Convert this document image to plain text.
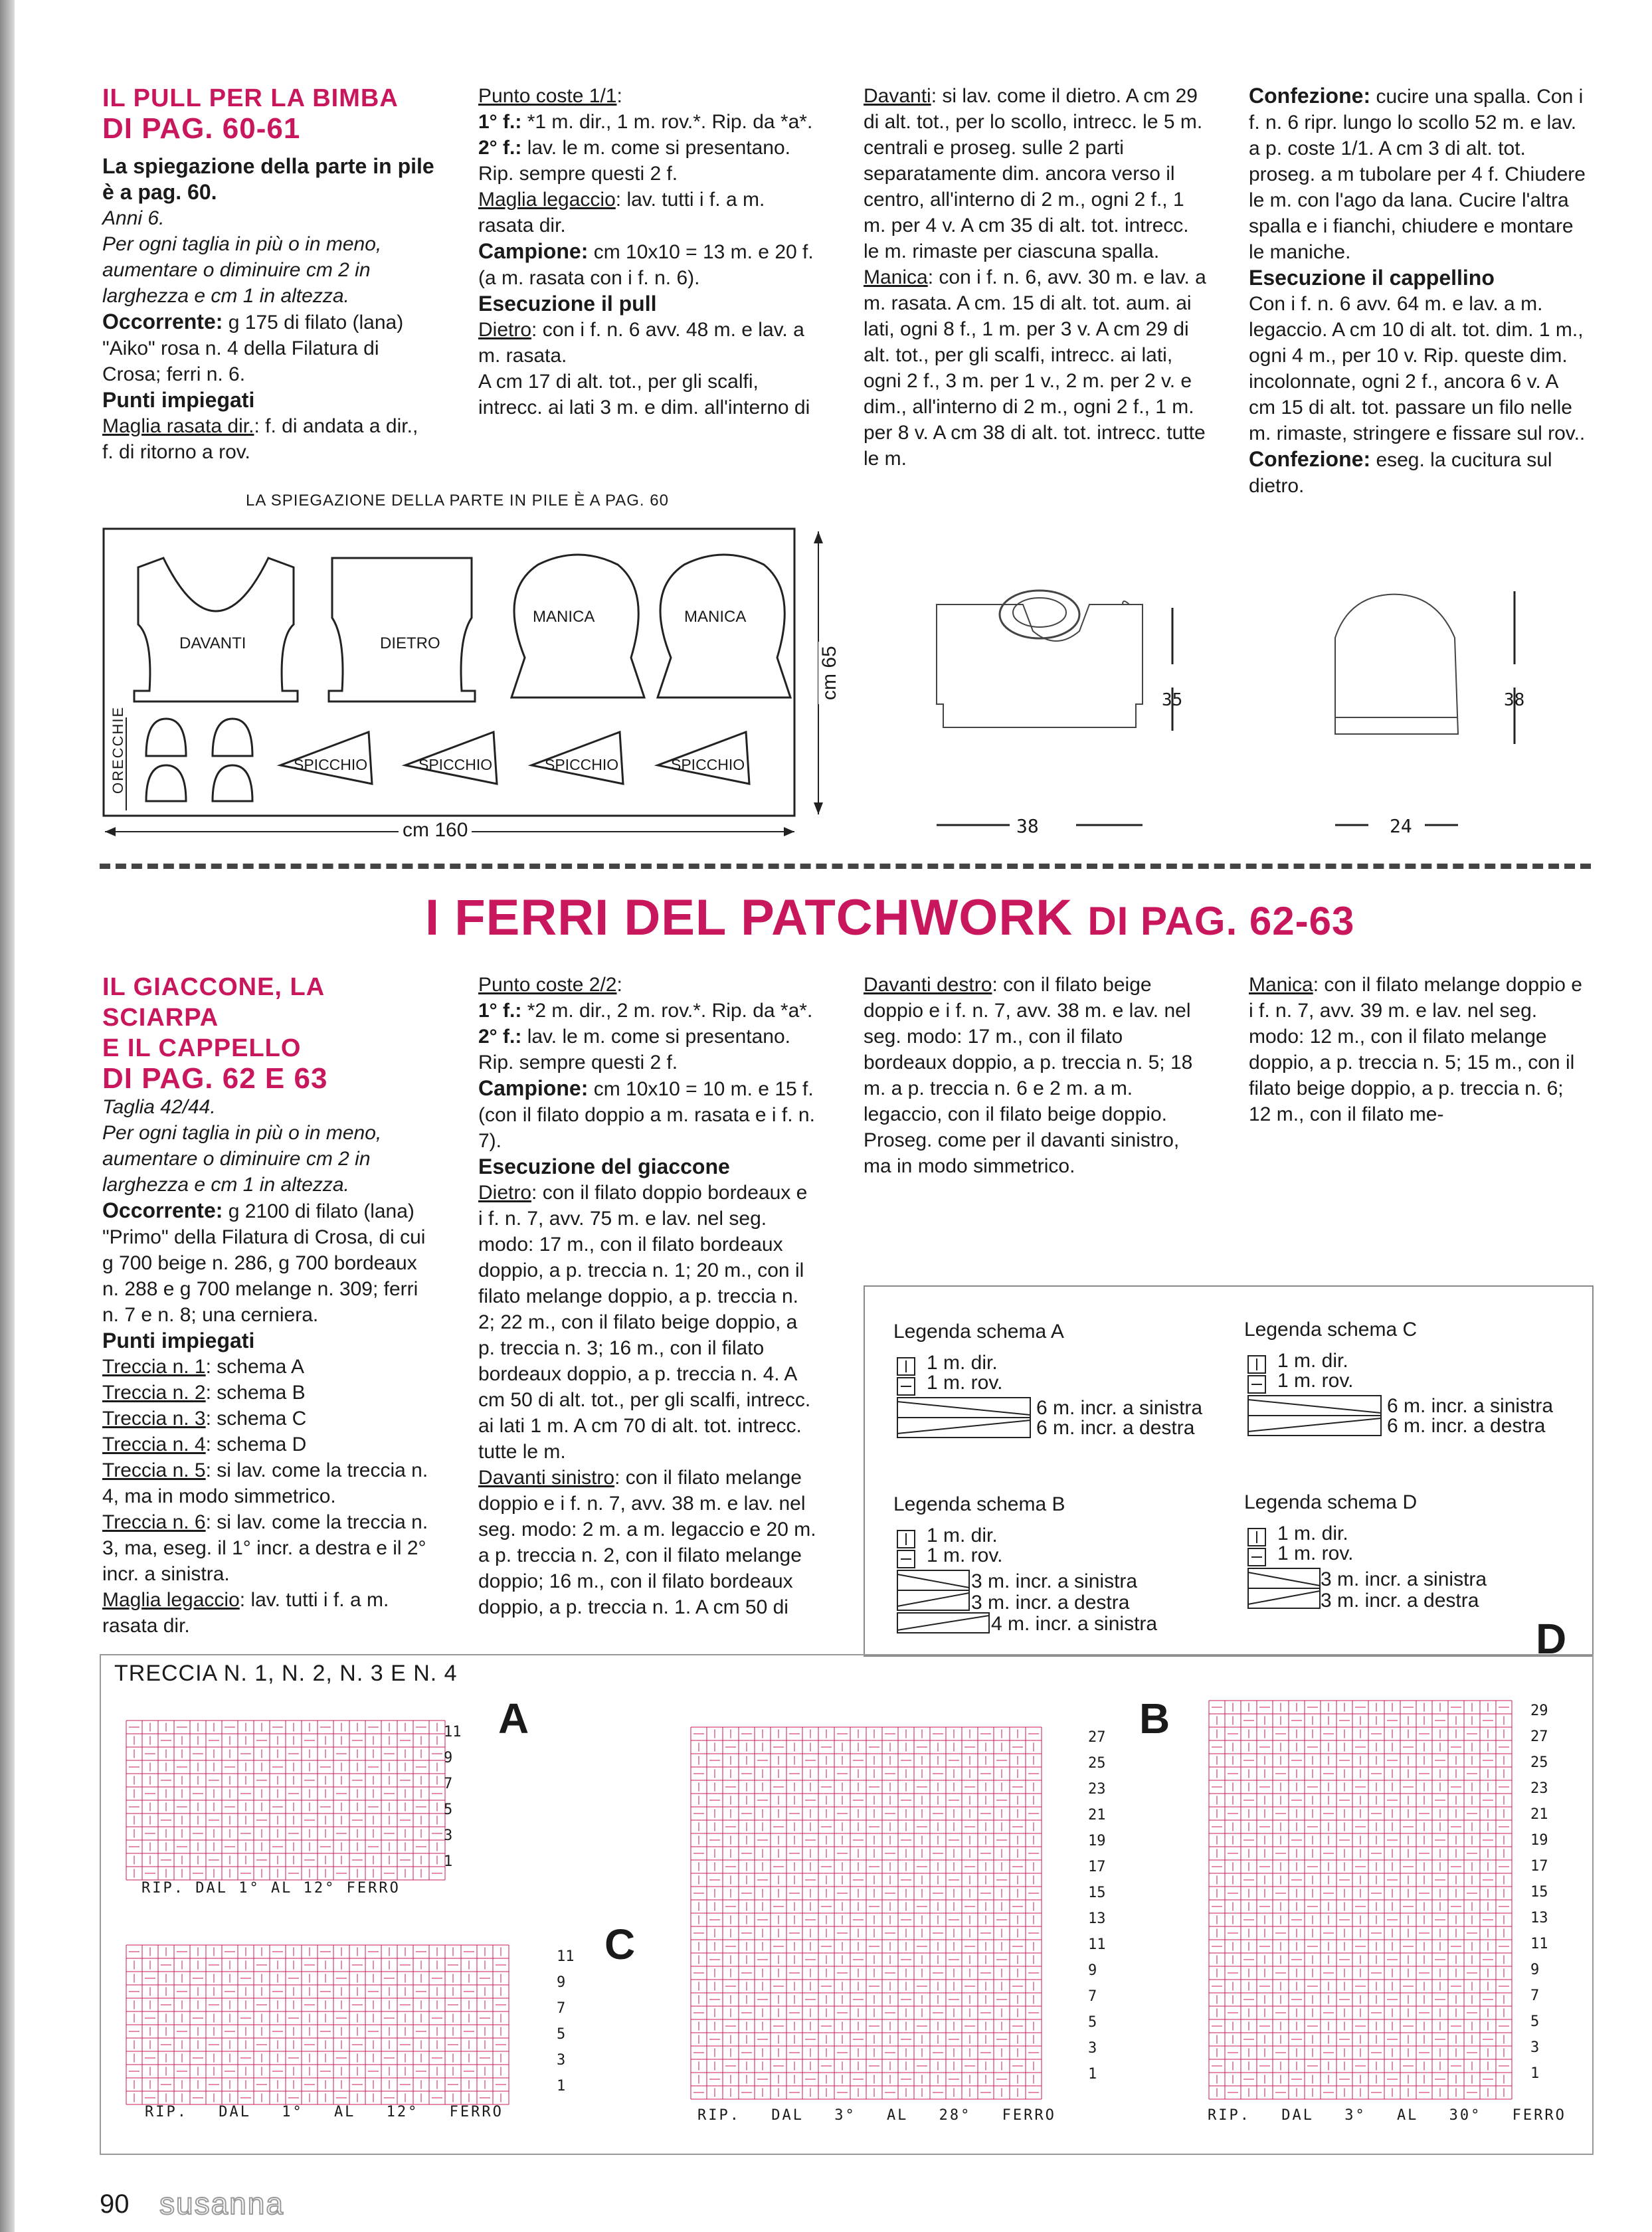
IL PULL PER LA BIMBA
DI PAG. 60-61

La spiegazione della parte in pile è a pag. 60.

Anni 6.

Per ogni taglia in più o in meno, aumentare o diminuire cm 2 in larghezza e cm 1 in altezza.

Occorrente: g 175 di filato (lana) "Aiko" rosa n. 4 della Filatura di Crosa; ferri n. 6.

Punti impiegati

Maglia rasata dir.: f. di andata a dir., f. di ritorno a rov.

Punto coste 1/1:

1° f.: *1 m. dir., 1 m. rov.*. Rip. da *a*.

2° f.: lav. le m. come si presentano. Rip. sempre questi 2 f.

Maglia legaccio: lav. tutti i f. a m. rasata dir.

Campione: cm 10x10 = 13 m. e 20 f. (a m. rasata con i f. n. 6).

Esecuzione il pull

Dietro: con i f. n. 6 avv. 48 m. e lav. a m. rasata.

A cm 17 di alt. tot., per gli scalfi, intrecc. ai lati 3 m. e dim. all'interno di

Davanti: si lav. come il dietro. A cm 29 di alt. tot., per lo scollo, intrecc. le 5 m. centrali e proseg. sulle 2 parti separatamente dim. ancora verso il centro, all'interno di 2 m., ogni 2 f., 1 m. per 4 v. A cm 35 di alt. tot. intrecc. le m. rimaste per ciascuna spalla.

Manica: con i f. n. 6, avv. 30 m. e lav. a m. rasata. A cm. 15 di alt. tot. aum. ai lati, ogni 8 f., 1 m. per 3 v. A cm 29 di alt. tot., per gli scalfi, intrecc. ai lati, ogni 2 f., 3 m. per 1 v., 2 m. per 2 v. e dim., all'interno di 2 m., ogni 2 f., 1 m. per 8 v. A cm 38 di alt. tot. intrecc. tutte le m.

Confezione: cucire una spalla. Con i f. n. 6 ripr. lungo lo scollo 52 m. e lav. a p. coste 1/1. A cm 3 di alt. tot. proseg. a m tubolare per 4 f. Chiudere le m. con l'ago da lana. Cucire l'altra spalla e i fianchi, chiudere e montare le maniche.

Esecuzione il cappellino

Con i f. n. 6 avv. 64 m. e lav. a m. legaccio. A cm 10 di alt. tot. dim. 1 m., ogni 4 m., per 10 v. Rip. queste dim. incolonnate, ogni 2 f., ancora 6 v. A cm 15 di alt. tot. passare un filo nelle m. rimaste, stringere e fissare sul rov..

Confezione: eseg. la cucitura sul dietro.

LA SPIEGAZIONE DELLA PARTE IN PILE È A PAG. 60
DAVANTI	DIETRO
MANICA	MANICA
ORECCHIE	SPICCHIO	SPICCHIO	SPICCHIO	SPICCHIO
cm 160
cm 65	35
38
38
24
I FERRI DEL PATCHWORK DI PAG. 62-63
IL GIACCONE, LA SCIARPA
E IL CAPPELLO
DI PAG. 62 E 63

Taglia 42/44.

Per ogni taglia in più o in meno, aumentare o diminuire cm 2 in larghezza e cm 1 in altezza.

Occorrente: g 2100 di filato (lana) "Primo" della Filatura di Crosa, di cui g 700 beige n. 286, g 700 bordeaux n. 288 e g 700 melange n. 309; ferri n. 7 e n. 8; una cerniera.

Punti impiegati

Treccia n. 1: schema A

Treccia n. 2: schema B

Treccia n. 3: schema C

Treccia n. 4: schema D

Treccia n. 5: si lav. come la treccia n. 4, ma in modo simmetrico.

Treccia n. 6: si lav. come la treccia n. 3, ma, eseg. il 1° incr. a destra e il 2° incr. a sinistra.

Maglia legaccio: lav. tutti i f. a m. rasata dir.

Punto coste 2/2:

1° f.: *2 m. dir., 2 m. rov.*. Rip. da *a*.

2° f.: lav. le m. come si presentano. Rip. sempre questi 2 f.

Campione: cm 10x10 = 10 m. e 15 f. (con il filato doppio a m. rasata e i f. n. 7).

Esecuzione del giaccone

Dietro: con il filato doppio bordeaux e i f. n. 7, avv. 75 m. e lav. nel seg. modo: 17 m., con il filato bordeaux doppio, a p. treccia n. 1; 20 m., con il filato melange doppio, a p. treccia n. 2; 22 m., con il filato beige doppio, a p. treccia n. 3; 16 m., con il filato bordeaux doppio, a p. treccia n. 4. A cm 50 di alt. tot., per gli scalfi, intrecc. ai lati 1 m. A cm 70 di alt. tot. intrecc. tutte le m.

Davanti sinistro: con il filato melange doppio e i f. n. 7, avv. 38 m. e lav. nel seg. modo: 2 m. a m. legaccio e 20 m. a p. treccia n. 2, con il filato melange doppio; 16 m., con il filato bordeaux doppio, a p. treccia n. 1. A cm 50 di

Davanti destro: con il filato beige doppio e i f. n. 7, avv. 38 m. e lav. nel seg. modo: 17 m., con il filato bordeaux doppio, a p. treccia n. 5; 18 m. a p. treccia n. 6 e 2 m. a m. legaccio, con il filato beige doppio. Proseg. come per il davanti sinistro, ma in modo simmetrico.

Manica: con il filato melange doppio e i f. n. 7, avv. 39 m. e lav. nel seg. modo: 12 m., con il filato melange doppio, a p. treccia n. 5; 15 m., con il filato beige doppio, a p. treccia n. 6; 12 m., con il filato me-

Legenda schema A
1 m. dir.
1 m. rov.
6 m. incr. a sinistra
6 m. incr. a destra
Legenda schema C
1 m. dir.
1 m. rov.
6 m. incr. a sinistra
6 m. incr. a destra
Legenda schema B
1 m. dir.
1 m. rov.
3 m. incr. a sinistra
3 m. incr. a destra
4 m. incr. a sinistra
Legenda schema D
1 m. dir.
1 m. rov.
3 m. incr. a sinistra
3 m. incr. a destra
TRECCIA N. 1, N. 2, N. 3 E N. 4
A
RIP. DAL 1° AL 12° FERRO
11
9
7
5
3
1
C
RIP. DAL 1° AL 12° FERRO
11
9
7
5
3
1
B
RIP. DAL 3° AL 28° FERRO
27
25
23
21
19
17
15
13
11
9
7
5
3
1
D
RIP. DAL 3° AL 30° FERRO
29
27
25
23
21
19
17
15
13
11
9
7
5
3
1
90 susanna
